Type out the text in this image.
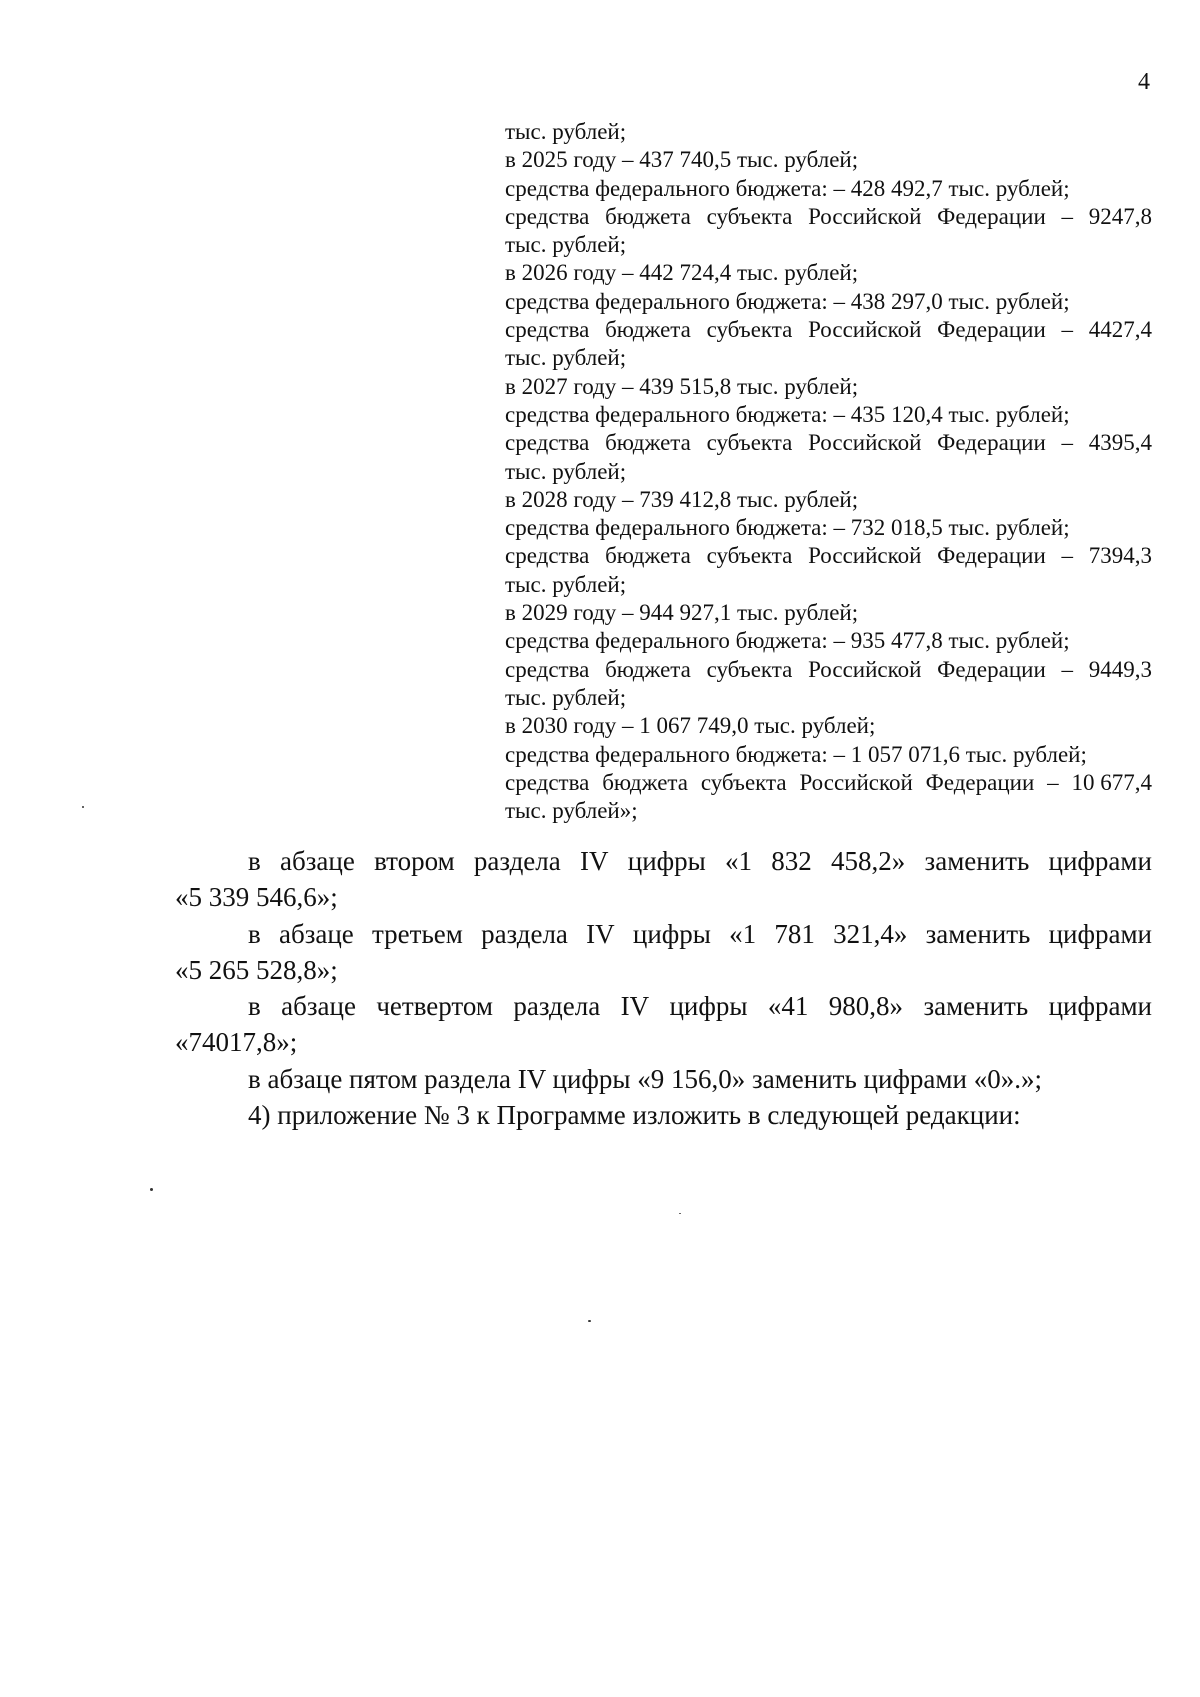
4
тыс. рублей;
в 2025 году – 437 740,5 тыс. рублей;
средства федерального бюджета: – 428 492,7 тыс. рублей;
средства бюджета субъекта Российской Федерации – 9247,8
тыс. рублей;
в 2026 году – 442 724,4 тыс. рублей;
средства федерального бюджета: – 438 297,0 тыс. рублей;
средства бюджета субъекта Российской Федерации – 4427,4
тыс. рублей;
в 2027 году – 439 515,8 тыс. рублей;
средства федерального бюджета: – 435 120,4 тыс. рублей;
средства бюджета субъекта Российской Федерации – 4395,4
тыс. рублей;
в 2028 году – 739 412,8 тыс. рублей;
средства федерального бюджета: – 732 018,5 тыс. рублей;
средства бюджета субъекта Российской Федерации – 7394,3
тыс. рублей;
в 2029 году – 944 927,1 тыс. рублей;
средства федерального бюджета: – 935 477,8 тыс. рублей;
средства бюджета субъекта Российской Федерации – 9449,3
тыс. рублей;
в 2030 году – 1 067 749,0 тыс. рублей;
средства федерального бюджета: – 1 057 071,6 тыс. рублей;
средства бюджета субъекта Российской Федерации – 10 677,4
тыс. рублей»;
в абзаце втором раздела IV цифры «1 832 458,2» заменить цифрами
«5 339 546,6»;
в абзаце третьем раздела IV цифры «1 781 321,4» заменить цифрами
«5 265 528,8»;
в абзаце четвертом раздела IV цифры «41 980,8» заменить цифрами
«74017,8»;
в абзаце пятом раздела IV цифры «9 156,0» заменить цифрами «0».»;
4) приложение № 3 к Программе изложить в следующей редакции:
